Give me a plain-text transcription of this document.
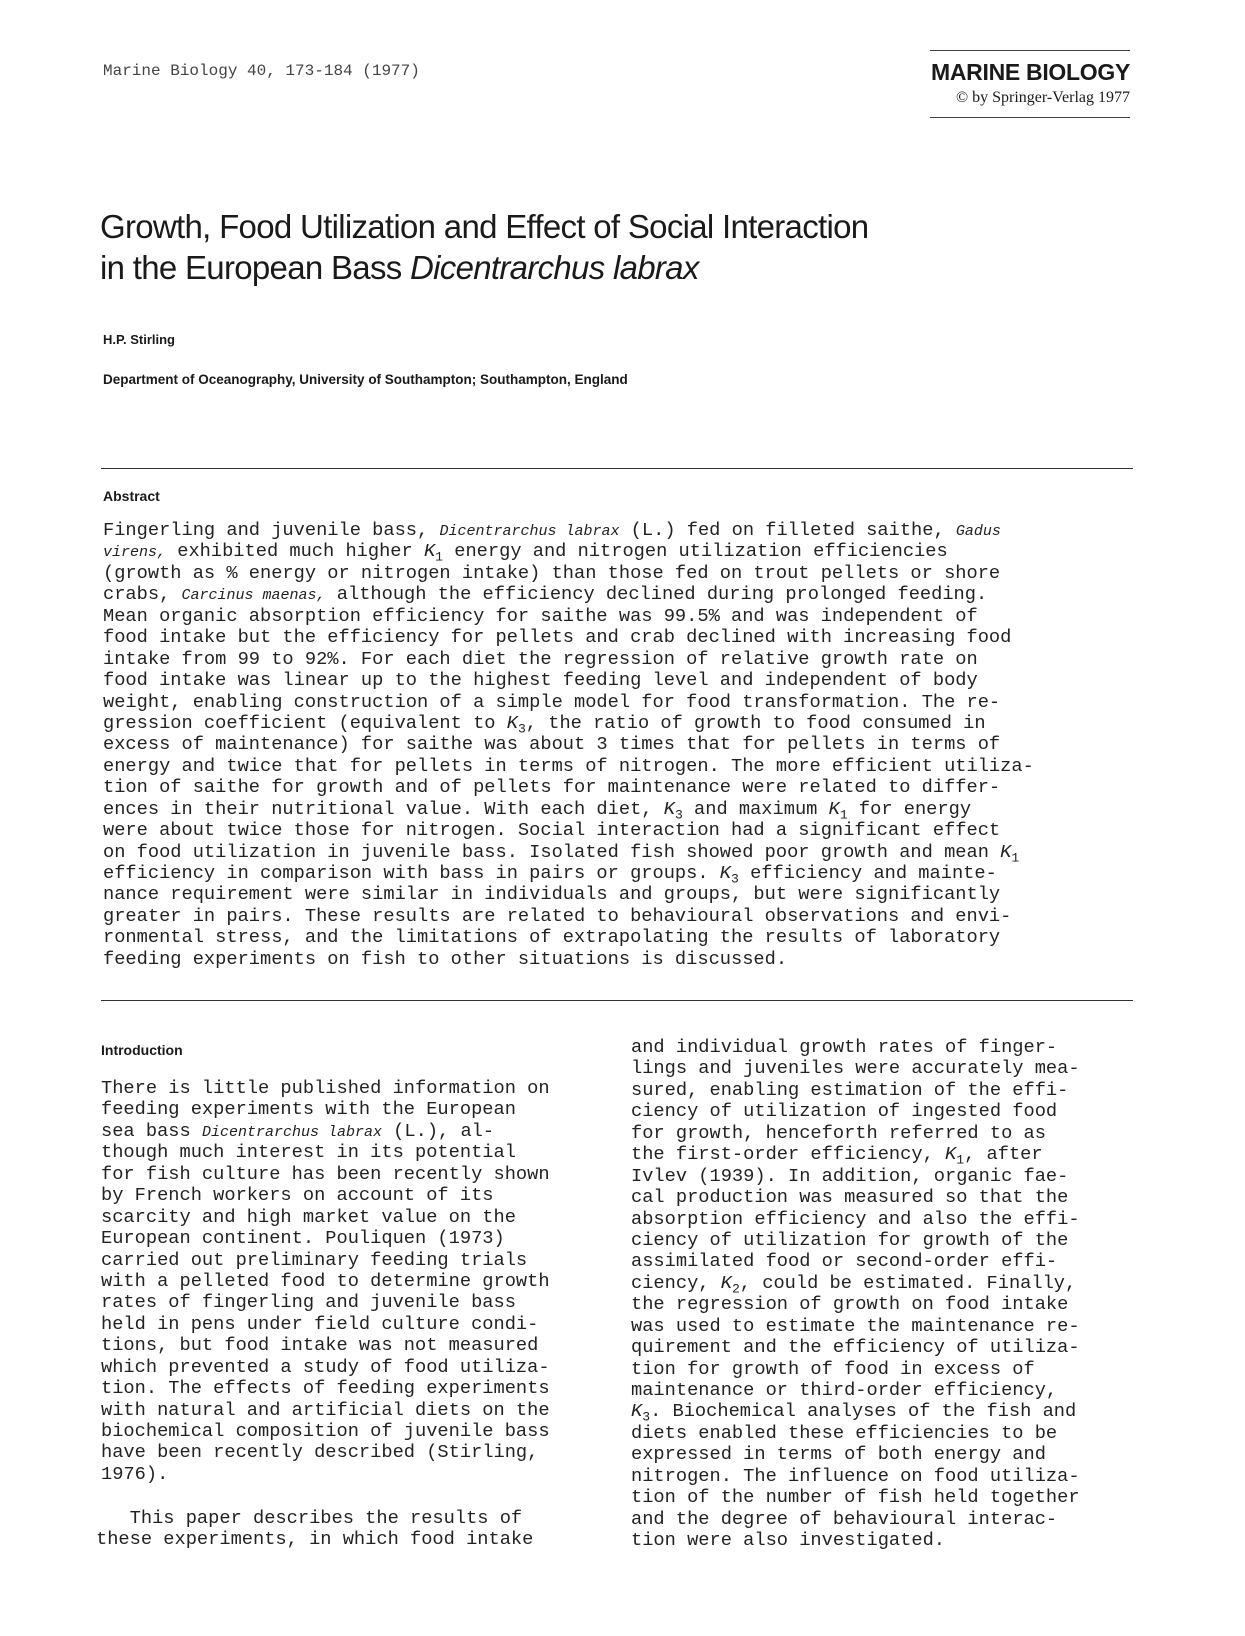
Marine Biology 40, 173-184 (1977)	MARINE BIOLOGY
© by Springer-Verlag 1977
Growth, Food Utilization and Effect of Social Interaction
in the European Bass Dicentrarchus labrax
H.P. Stirling
Department of Oceanography, University of Southampton; Southampton, England
Abstract
Fingerling and juvenile bass, Dicentrarchus labrax (L.) fed on filleted saithe, Gadus
virens, exhibited much higher $K_1$ energy and nitrogen utilization efficiencies
(growth as % energy or nitrogen intake) than those fed on trout pellets or shore
crabs, Carcinus maenas, although the efficiency declined during prolonged feeding.
Mean organic absorption efficiency for saithe was 99.5% and was independent of
food intake but the efficiency for pellets and crab declined with increasing food
intake from 99 to 92%. For each diet the regression of relative growth rate on
food intake was linear up to the highest feeding level and independent of body
weight, enabling construction of a simple model for food transformation. The re-
gression coefficient (equivalent to $K_3$, the ratio of growth to food consumed in
excess of maintenance) for saithe was about 3 times that for pellets in terms of
energy and twice that for pellets in terms of nitrogen. The more efficient utiliza-
tion of saithe for growth and of pellets for maintenance were related to differ-
ences in their nutritional value. With each diet, $K_3$ and maximum $K_1$ for energy
were about twice those for nitrogen. Social interaction had a significant effect
on food utilization in juvenile bass. Isolated fish showed poor growth and mean $K_1$
efficiency in comparison with bass in pairs or groups. $K_3$ efficiency and mainte-
nance requirement were similar in individuals and groups, but were significantly
greater in pairs. These results are related to behavioural observations and envi-
ronmental stress, and the limitations of extrapolating the results of laboratory
feeding experiments on fish to other situations is discussed.
Introduction
There is little published information on
feeding experiments with the European
sea bass Dicentrarchus labrax (L.), al-
though much interest in its potential
for fish culture has been recently shown
by French workers on account of its
scarcity and high market value on the
European continent. Pouliquen (1973)
carried out preliminary feeding trials
with a pelleted food to determine growth
rates of fingerling and juvenile bass
held in pens under field culture condi-
tions, but food intake was not measured
which prevented a study of food utiliza-
tion. The effects of feeding experiments
with natural and artificial diets on the
biochemical composition of juvenile bass
have been recently described (Stirling,
1976).
This paper describes the results of
these experiments, in which food intake
and individual growth rates of finger-
lings and juveniles were accurately mea-
sured, enabling estimation of the effi-
ciency of utilization of ingested food
for growth, henceforth referred to as
the first-order efficiency, $K_1$, after
Ivlev (1939). In addition, organic fae-
cal production was measured so that the
absorption efficiency and also the effi-
ciency of utilization for growth of the
assimilated food or second-order effi-
ciency, $K_2$, could be estimated. Finally,
the regression of growth on food intake
was used to estimate the maintenance re-
quirement and the efficiency of utiliza-
tion for growth of food in excess of
maintenance or third-order efficiency,
$K_3$. Biochemical analyses of the fish and
diets enabled these efficiencies to be
expressed in terms of both energy and
nitrogen. The influence on food utiliza-
tion of the number of fish held together
and the degree of behavioural interac-
tion were also investigated.
